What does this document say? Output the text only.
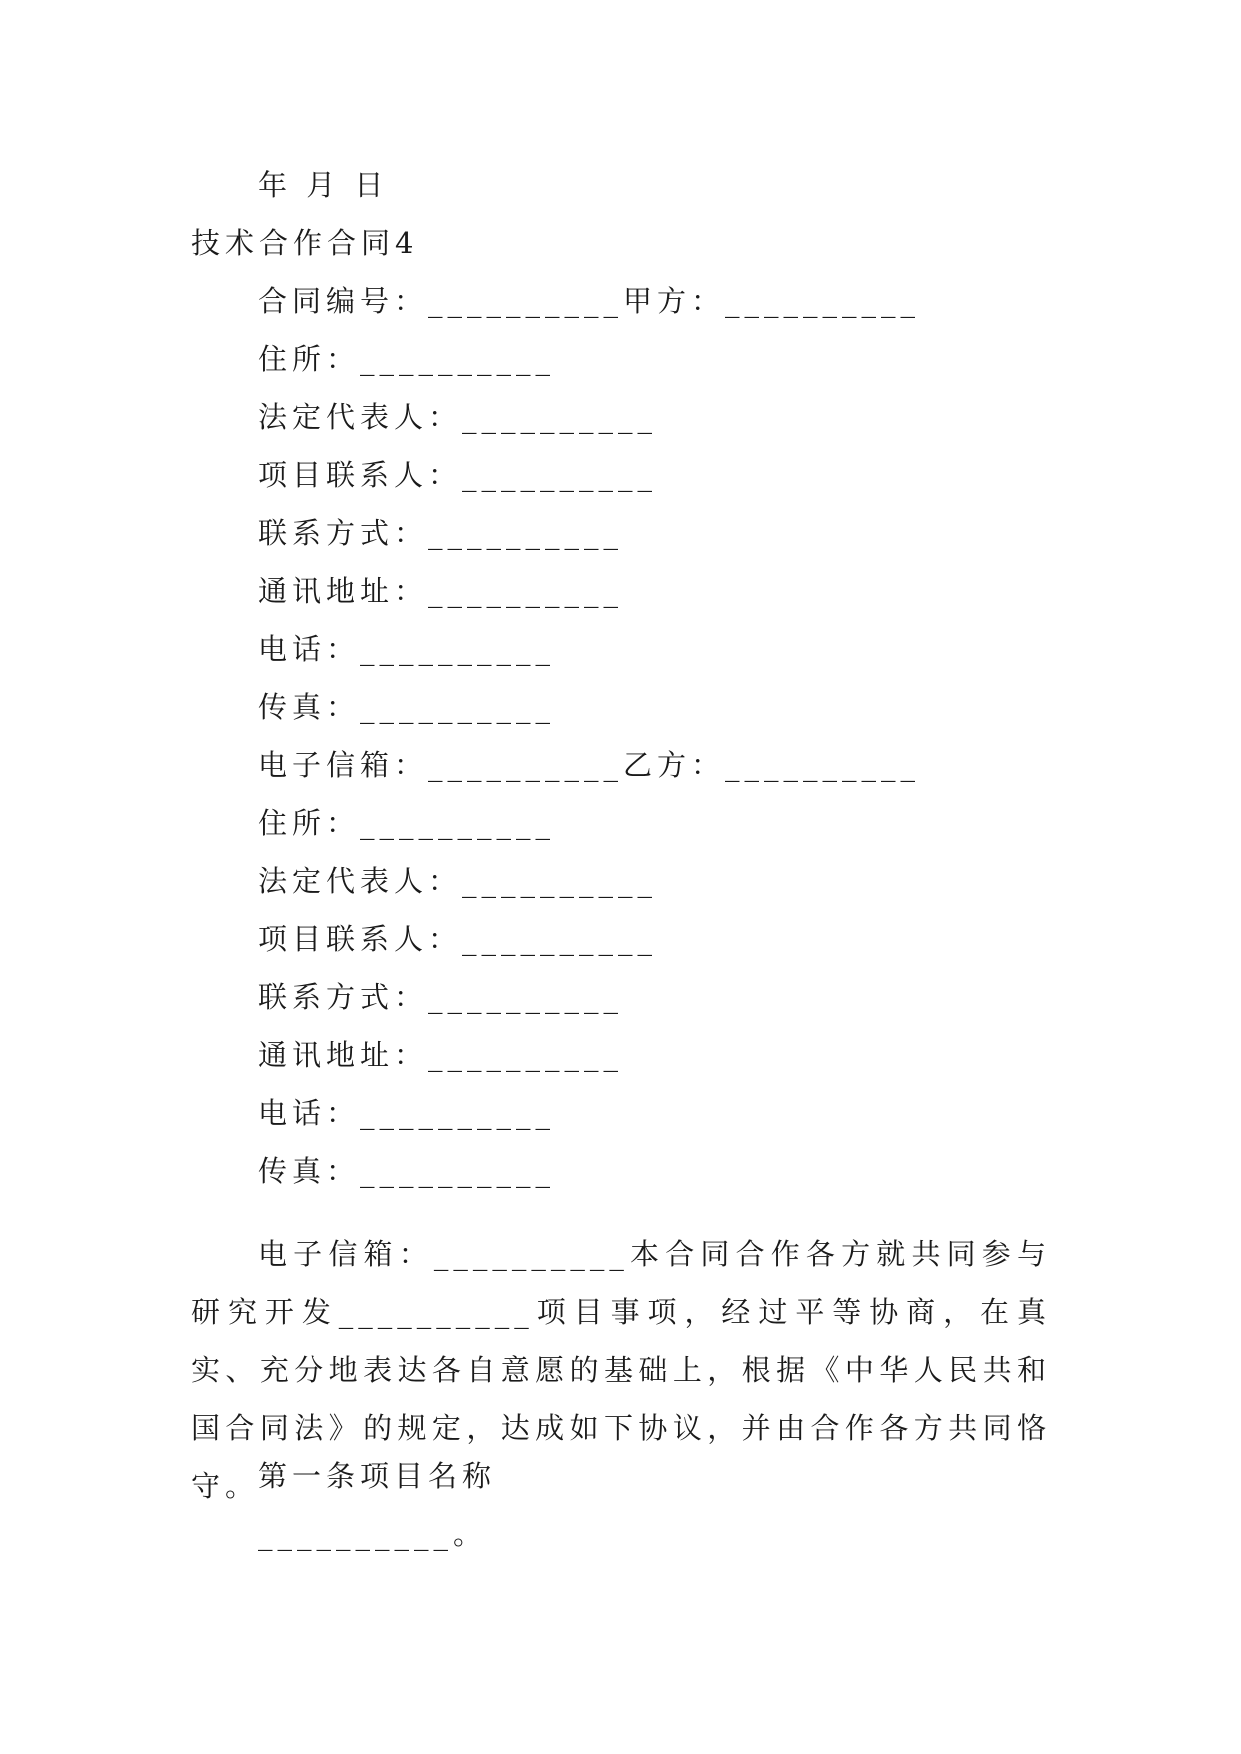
年 月 日
技术合作合同4
合同编号：__________甲方：__________
住所：__________
法定代表人：__________
项目联系人：__________
联系方式：__________
通讯地址：__________
电话：__________
传真：__________
电子信箱：__________乙方：__________
住所：__________
法定代表人：__________
项目联系人：__________
联系方式：__________
通讯地址：__________
电话：__________
传真：__________
电子信箱：__________本合同合作各方就共同参与研究开发__________项目事项，经过平等协商，在真实、充分地表达各自意愿的基础上，根据《中华人民共和国合同法》的规定，达成如下协议，并由合作各方共同恪守。
第一条项目名称
__________。
